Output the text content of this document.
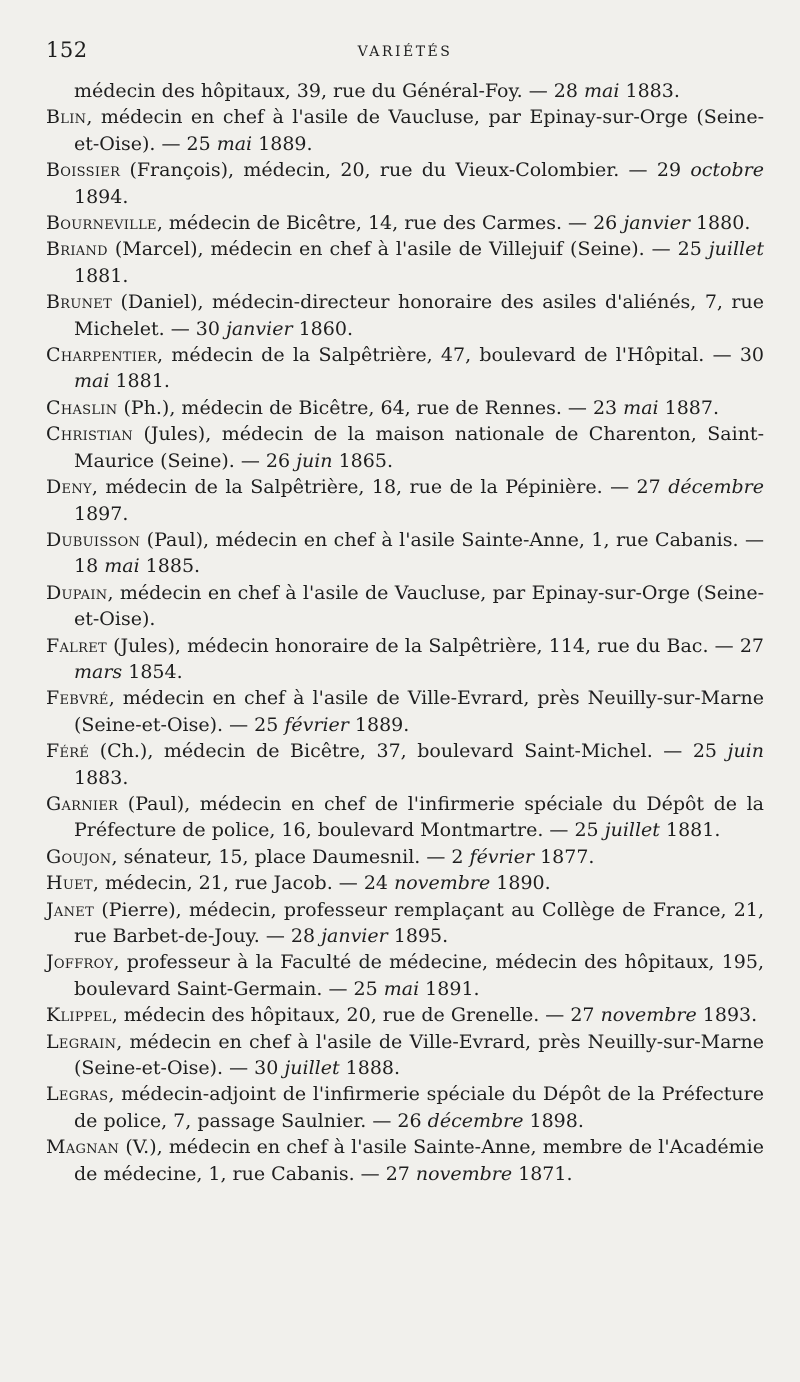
152	VARIÉTÉS
médecin des hôpitaux, 39, rue du Général-Foy. — 28 mai 1883.
Blin, médecin en chef à l'asile de Vaucluse, par Epinay-sur-Orge (Seine-et-Oise). — 25 mai 1889.
Boissier (François), médecin, 20, rue du Vieux-Colombier. — 29 octobre 1894.
Bourneville, médecin de Bicêtre, 14, rue des Carmes. — 26 janvier 1880.
Briand (Marcel), médecin en chef à l'asile de Villejuif (Seine). — 25 juillet 1881.
Brunet (Daniel), médecin-directeur honoraire des asiles d'aliénés, 7, rue Michelet. — 30 janvier 1860.
Charpentier, médecin de la Salpêtrière, 47, boulevard de l'Hôpital. — 30 mai 1881.
Chaslin (Ph.), médecin de Bicêtre, 64, rue de Rennes. — 23 mai 1887.
Christian (Jules), médecin de la maison nationale de Charenton, Saint-Maurice (Seine). — 26 juin 1865.
Deny, médecin de la Salpêtrière, 18, rue de la Pépinière. — 27 décembre 1897.
Dubuisson (Paul), médecin en chef à l'asile Sainte-Anne, 1, rue Cabanis. — 18 mai 1885.
Dupain, médecin en chef à l'asile de Vaucluse, par Epinay-sur-Orge (Seine-et-Oise).
Falret (Jules), médecin honoraire de la Salpêtrière, 114, rue du Bac. — 27 mars 1854.
Febvré, médecin en chef à l'asile de Ville-Evrard, près Neuilly-sur-Marne (Seine-et-Oise). — 25 février 1889.
Féré (Ch.), médecin de Bicêtre, 37, boulevard Saint-Michel. — 25 juin 1883.
Garnier (Paul), médecin en chef de l'infirmerie spéciale du Dépôt de la Préfecture de police, 16, boulevard Montmartre. — 25 juillet 1881.
Goujon, sénateur, 15, place Daumesnil. — 2 février 1877.
Huet, médecin, 21, rue Jacob. — 24 novembre 1890.
Janet (Pierre), médecin, professeur remplaçant au Collège de France, 21, rue Barbet-de-Jouy. — 28 janvier 1895.
Joffroy, professeur à la Faculté de médecine, médecin des hôpitaux, 195, boulevard Saint-Germain. — 25 mai 1891.
Klippel, médecin des hôpitaux, 20, rue de Grenelle. — 27 novembre 1893.
Legrain, médecin en chef à l'asile de Ville-Evrard, près Neuilly-sur-Marne (Seine-et-Oise). — 30 juillet 1888.
Legras, médecin-adjoint de l'infirmerie spéciale du Dépôt de la Préfecture de police, 7, passage Saulnier. — 26 décembre 1898.
Magnan (V.), médecin en chef à l'asile Sainte-Anne, membre de l'Académie de médecine, 1, rue Cabanis. — 27 novembre 1871.
